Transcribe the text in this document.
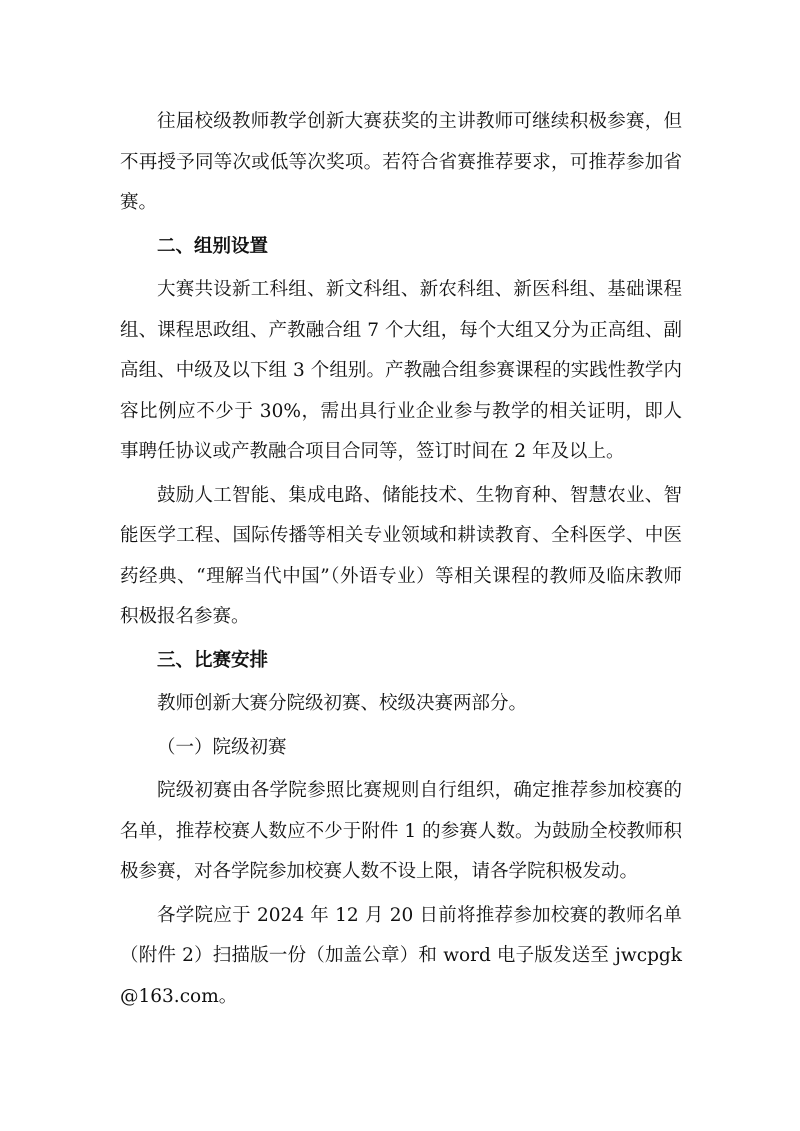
往届校级教师教学创新大赛获奖的主讲教师可继续积极参赛，但不再授予同等次或低等次奖项。若符合省赛推荐要求，可推荐参加省赛。

二、组别设置

大赛共设新工科组、新文科组、新农科组、新医科组、基础课程组、课程思政组、产教融合组 7 个大组，每个大组又分为正高组、副高组、中级及以下组 3 个组别。产教融合组参赛课程的实践性教学内容比例应不少于 30%，需出具行业企业参与教学的相关证明，即人事聘任协议或产教融合项目合同等，签订时间在 2 年及以上。

鼓励人工智能、集成电路、储能技术、生物育种、智慧农业、智能医学工程、国际传播等相关专业领域和耕读教育、全科医学、中医药经典、“理解当代中国”（外语专业）等相关课程的教师及临床教师积极报名参赛。

三、比赛安排

教师创新大赛分院级初赛、校级决赛两部分。

（一）院级初赛

院级初赛由各学院参照比赛规则自行组织，确定推荐参加校赛的名单，推荐校赛人数应不少于附件 1 的参赛人数。为鼓励全校教师积极参赛，对各学院参加校赛人数不设上限，请各学院积极发动。

各学院应于 2024 年 12 月 20 日前将推荐参加校赛的教师名单（附件 2）扫描版一份（加盖公章）和 word 电子版发送至 jwcpgk@163.com。
